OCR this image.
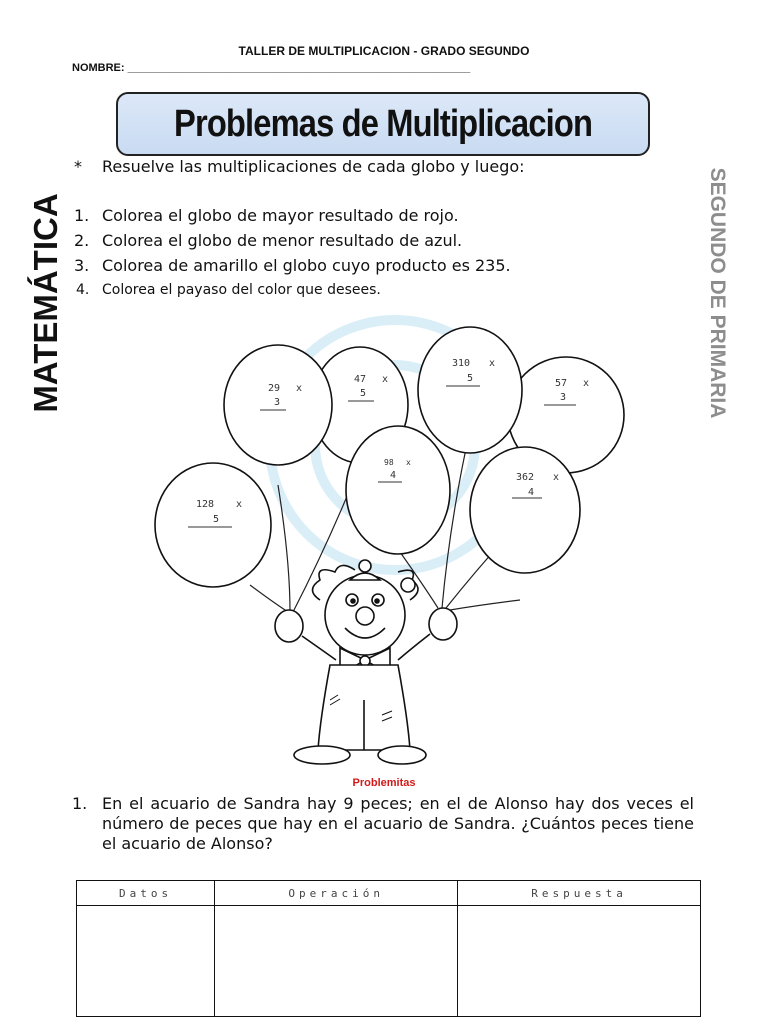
TALLER DE MULTIPLICACION - GRADO SEGUNDO
NOMBRE: ________________________________________________________
Problemas de Multiplicacion
MATEMÁTICA	SEGUNDO DE PRIMARIA
* Resuelve las multiplicaciones de cada globo y luego:
1. Colorea el globo de mayor resultado de rojo.
2. Colorea el globo de menor resultado de azul.
3. Colorea de amarillo el globo cuyo producto es 235.
4. Colorea el payaso del color que desees.
128 x
5
29 x
3
47 x
5
98 x
4
310 x
5	57 x
3
362 x
4
Problemitas
1. En el acuario de Sandra hay 9 peces; en el de Alonso hay dos veces el número de peces que hay en el acuario de Sandra. ¿Cuántos peces tiene el acuario de Alonso?
Datos	Operación	Respuesta
